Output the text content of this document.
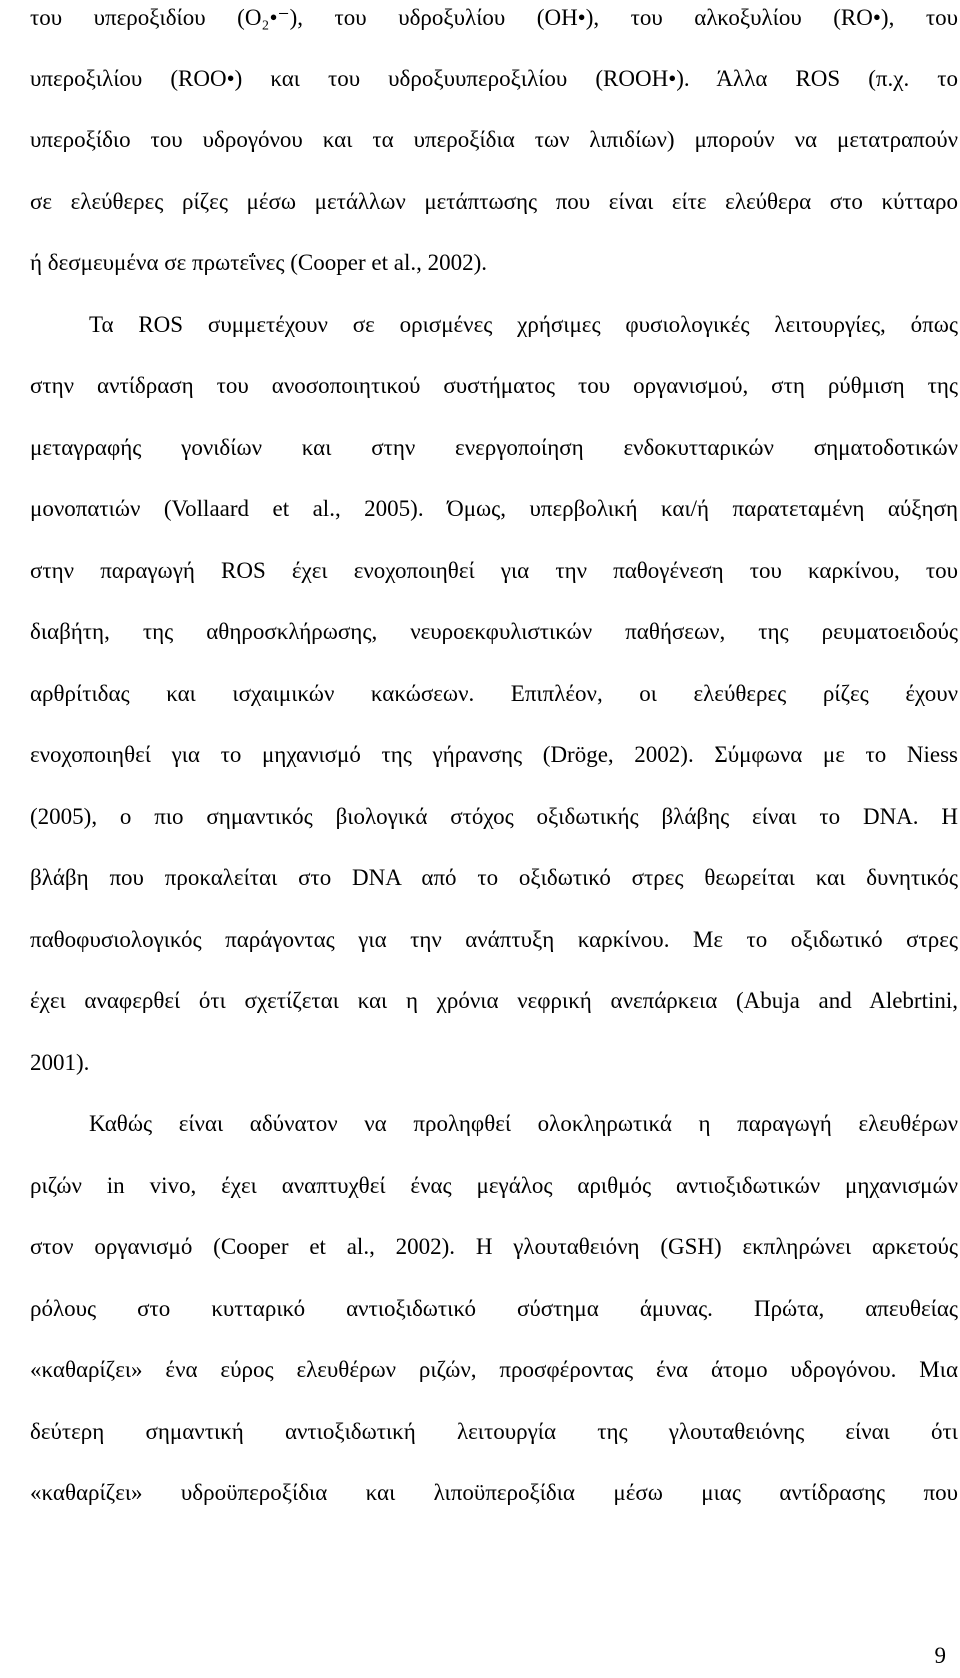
του υπεροξιδίου (O₂•⁻), του υδροξυλίου (OH•), του αλκοξυλίου (RO•), του
υπεροξιλίου (ROO•) και του υδροξυυπεροξιλίου (ROOH•). Άλλα ROS (π.χ. το
υπεροξίδιο του υδρογόνου και τα υπεροξίδια των λιπιδίων) μπορούν να μετατραπούν
σε ελεύθερες ρίζες μέσω μετάλλων μετάπτωσης που είναι είτε ελεύθερα στο κύτταρο
ή δεσμευμένα σε πρωτεΐνες (Cooper et al., 2002).
Τα ROS συμμετέχουν σε ορισμένες χρήσιμες φυσιολογικές λειτουργίες, όπως
στην αντίδραση του ανοσοποιητικού συστήματος του οργανισμού, στη ρύθμιση της
μεταγραφής γονιδίων και στην ενεργοποίηση ενδοκυτταρικών σηματοδοτικών
μονοπατιών (Vollaard et al., 2005). Όμως, υπερβολική και/ή παρατεταμένη αύξηση
στην παραγωγή ROS έχει ενοχοποιηθεί για την παθογένεση του καρκίνου, του
διαβήτη, της αθηροσκλήρωσης, νευροεκφυλιστικών παθήσεων, της ρευματοειδούς
αρθρίτιδας και ισχαιμικών κακώσεων. Επιπλέον, οι ελεύθερες ρίζες έχουν
ενοχοποιηθεί για το μηχανισμό της γήρανσης (Dröge, 2002). Σύμφωνα με το Niess
(2005), ο πιο σημαντικός βιολογικά στόχος οξιδωτικής βλάβης είναι το DNA. Η
βλάβη που προκαλείται στο DNA από το οξιδωτικό στρες θεωρείται και δυνητικός
παθοφυσιολογικός παράγοντας για την ανάπτυξη καρκίνου. Με το οξιδωτικό στρες
έχει αναφερθεί ότι σχετίζεται και η χρόνια νεφρική ανεπάρκεια (Abuja and Alebrtini,
2001).
Καθώς είναι αδύνατον να προληφθεί ολοκληρωτικά η παραγωγή ελευθέρων
ριζών in vivo, έχει αναπτυχθεί ένας μεγάλος αριθμός αντιοξιδωτικών μηχανισμών
στον οργανισμό (Cooper et al., 2002). Η γλουταθειόνη (GSH) εκπληρώνει αρκετούς
ρόλους στο κυτταρικό αντιοξιδωτικό σύστημα άμυνας. Πρώτα, απευθείας
«καθαρίζει» ένα εύρος ελευθέρων ριζών, προσφέροντας ένα άτομο υδρογόνου. Μια
δεύτερη σημαντική αντιοξιδωτική λειτουργία της γλουταθειόνης είναι ότι
«καθαρίζει» υδροϋπεροξίδια και λιποϋπεροξίδια μέσω μιας αντίδρασης που
9
